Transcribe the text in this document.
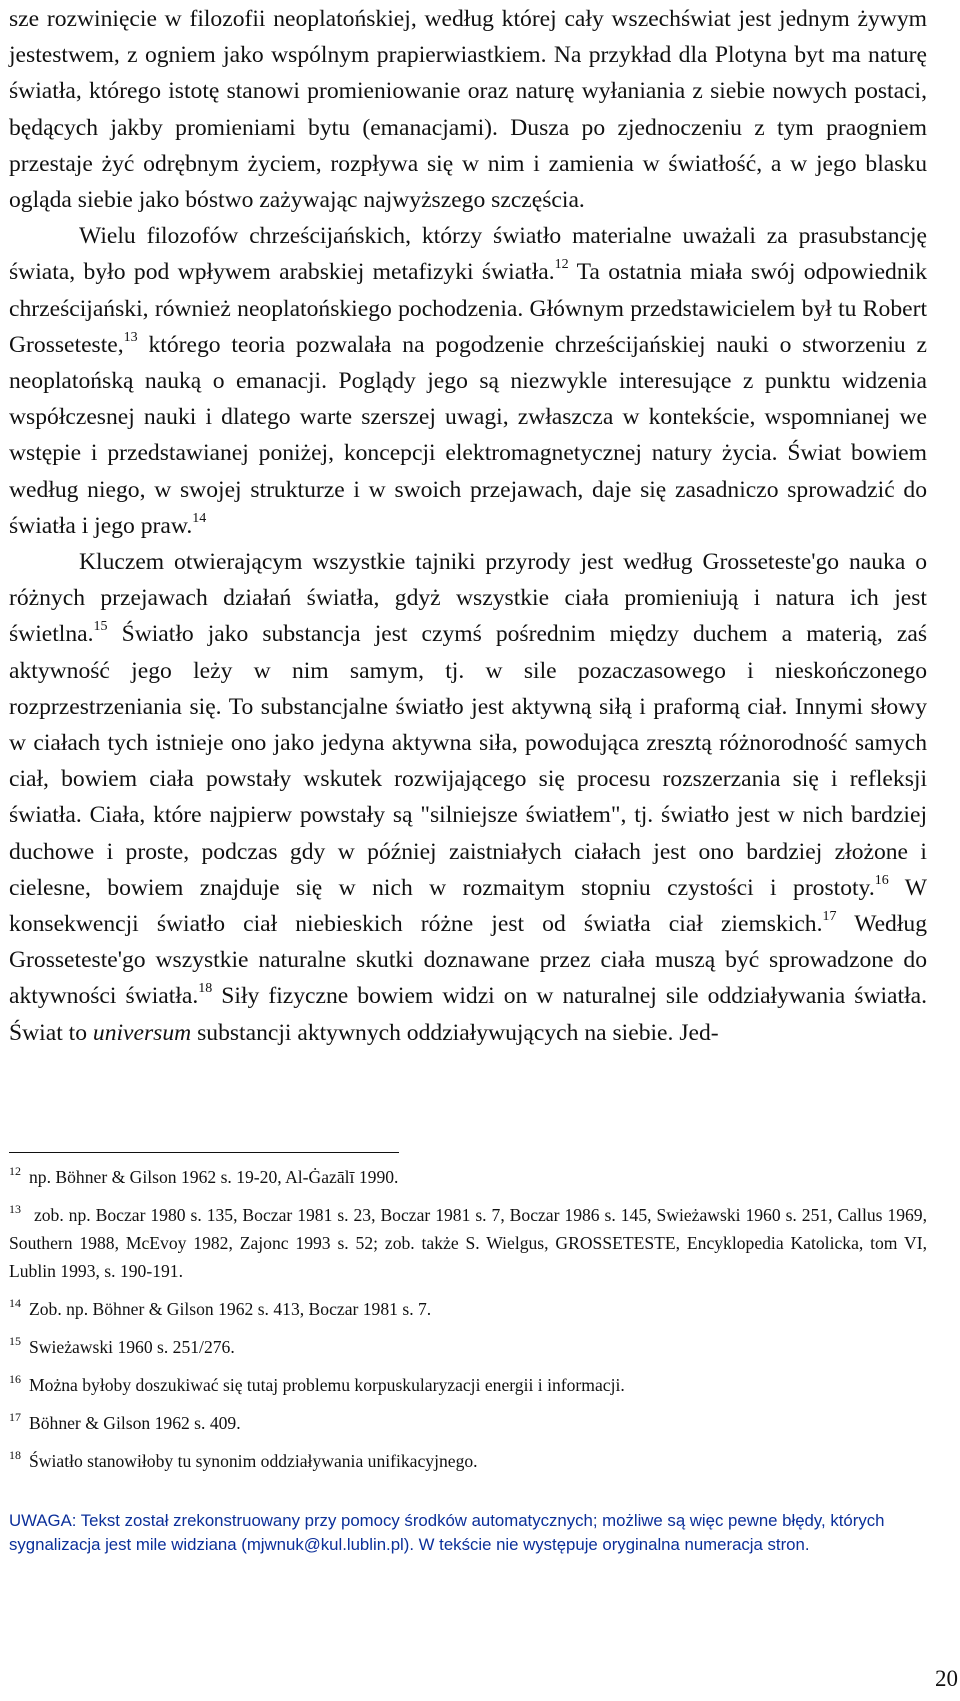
sze rozwinięcie w filozofii neoplatońskiej, według której cały wszechświat jest jednym żywym jestestwem, z ogniem jako wspólnym prapierwiastkiem. Na przykład dla Plotyna byt ma naturę światła, którego istotę stanowi promieniowanie oraz naturę wyłaniania z siebie nowych postaci, będących jakby promieniami bytu (emanacjami). Dusza po zjednoczeniu z tym praogniem przestaje żyć odrębnym życiem, rozpływa się w nim i zamienia w światłość, a w jego blasku ogląda siebie jako bóstwo zażywając najwyższego szczęścia.

Wielu filozofów chrześcijańskich, którzy światło materialne uważali za prasubstancję świata, było pod wpływem arabskiej metafizyki światła.$^{12}$ Ta ostatnia miała swój odpowiednik chrześcijański, również neoplatońskiego pochodzenia. Głównym przedstawicielem był tu Robert Grosseteste,$^{13}$ którego teoria pozwalała na pogodzenie chrześcijańskiej nauki o stworzeniu z neoplatońską nauką o emanacji. Poglądy jego są niezwykle interesujące z punktu widzenia współczesnej nauki i dlatego warte szerszej uwagi, zwłaszcza w kontekście, wspomnianej we wstępie i przedstawianej poniżej, koncepcji elektromagnetycznej natury życia. Świat bowiem według niego, w swojej strukturze i w swoich przejawach, daje się zasadniczo sprowadzić do światła i jego praw.$^{14}$

Kluczem otwierającym wszystkie tajniki przyrody jest według Grosseteste'go nauka o różnych przejawach działań światła, gdyż wszystkie ciała promieniują i natura ich jest świetlna.$^{15}$ Światło jako substancja jest czymś pośrednim między duchem a materią, zaś aktywność jego leży w nim samym, tj. w sile pozaczasowego i nieskończonego rozprzestrzeniania się. To substancjalne światło jest aktywną siłą i praformą ciał. Innymi słowy w ciałach tych istnieje ono jako jedyna aktywna siła, powodująca zresztą różnorodność samych ciał, bowiem ciała powstały wskutek rozwijającego się procesu rozszerzania się i refleksji światła. Ciała, które najpierw powstały są "silniejsze światłem", tj. światło jest w nich bardziej duchowe i proste, podczas gdy w później zaistniałych ciałach jest ono bardziej złożone i cielesne, bowiem znajduje się w nich w rozmaitym stopniu czystości i prostoty.$^{16}$ W konsekwencji światło ciał niebieskich różne jest od światła ciał ziemskich.$^{17}$ Według Grosseteste'go wszystkie naturalne skutki doznawane przez ciała muszą być sprowadzone do aktywności światła.$^{18}$ Siły fizyczne bowiem widzi on w naturalnej sile oddziaływania światła. Świat to universum substancji aktywnych oddziaływujących na siebie. Jed-

$^{12}$ np. Böhner & Gilson 1962 s. 19-20, Al-Ġazālī 1990.
$^{13}$ zob. np. Boczar 1980 s. 135, Boczar 1981 s. 23, Boczar 1981 s. 7, Boczar 1986 s. 145, Swieżawski 1960 s. 251, Callus 1969, Southern 1988, McEvoy 1982, Zajonc 1993 s. 52; zob. także S. Wielgus, GROSSETESTE, Encyklopedia Katolicka, tom VI, Lublin 1993, s. 190-191.
$^{14}$ Zob. np. Böhner & Gilson 1962 s. 413, Boczar 1981 s. 7.
$^{15}$ Swieżawski 1960 s. 251/276.
$^{16}$ Można byłoby doszukiwać się tutaj problemu korpuskularyzacji energii i informacji.
$^{17}$ Böhner & Gilson 1962 s. 409.
$^{18}$ Światło stanowiłoby tu synonim oddziaływania unifikacyjnego.
UWAGA: Tekst został zrekonstruowany przy pomocy środków automatycznych; możliwe są więc pewne błędy, których sygnalizacja jest mile widziana (mjwnuk@kul.lublin.pl). W tekście nie występuje oryginalna numeracja stron.
20
